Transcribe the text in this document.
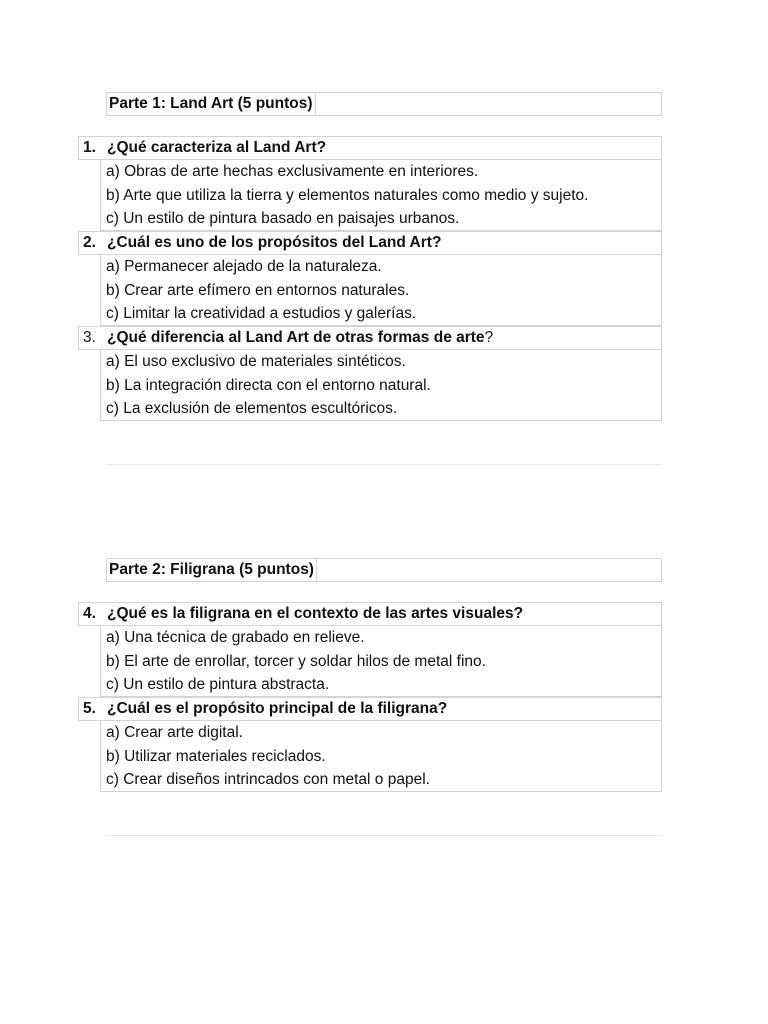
Parte 1: Land Art (5 puntos)
1. ¿Qué caracteriza al Land Art?
a) Obras de arte hechas exclusivamente en interiores.
b) Arte que utiliza la tierra y elementos naturales como medio y sujeto.
c) Un estilo de pintura basado en paisajes urbanos.
2. ¿Cuál es uno de los propósitos del Land Art?
a) Permanecer alejado de la naturaleza.
b) Crear arte efímero en entornos naturales.
c) Limitar la creatividad a estudios y galerías.
3. ¿Qué diferencia al Land Art de otras formas de arte?
a) El uso exclusivo de materiales sintéticos.
b) La integración directa con el entorno natural.
c) La exclusión de elementos escultóricos.
Parte 2: Filigrana (5 puntos)
4. ¿Qué es la filigrana en el contexto de las artes visuales?
a) Una técnica de grabado en relieve.
b) El arte de enrollar, torcer y soldar hilos de metal fino.
c) Un estilo de pintura abstracta.
5. ¿Cuál es el propósito principal de la filigrana?
a) Crear arte digital.
b) Utilizar materiales reciclados.
c) Crear diseños intrincados con metal o papel.
